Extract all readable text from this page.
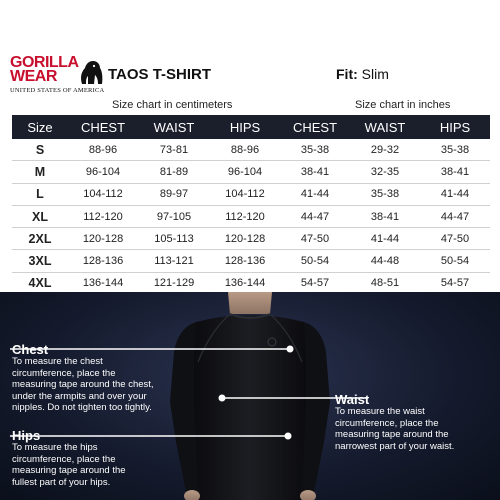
GORILLA
WEAR
UNITED STATES OF AMERICA
TAOS T-SHIRT	Fit: Slim
Size chart in centimeters	Size chart in inches
Size	CHEST	WAIST	HIPS	CHEST	WAIST	HIPS
S	88-96	73-81	88-96	35-38	29-32	35-38
M	96-104	81-89	96-104	38-41	32-35	38-41
L	104-112	89-97	104-112	41-44	35-38	41-44
XL	112-120	97-105	112-120	44-47	38-41	44-47
2XL	120-128	105-113	120-128	47-50	41-44	47-50
3XL	128-136	113-121	128-136	50-54	44-48	50-54
4XL	136-144	121-129	136-144	54-57	48-51	54-57

Chest
To measure the chest
circumference, place the
measuring tape around the chest,
under the armpits and over your
nipples. Do not tighten too tightly.
Waist
To measure the waist
circumference, place the
measuring tape around the
narrowest part of your waist.
Hips
To measure the hips
circumference, place the
measuring tape around the
fullest part of your hips.
